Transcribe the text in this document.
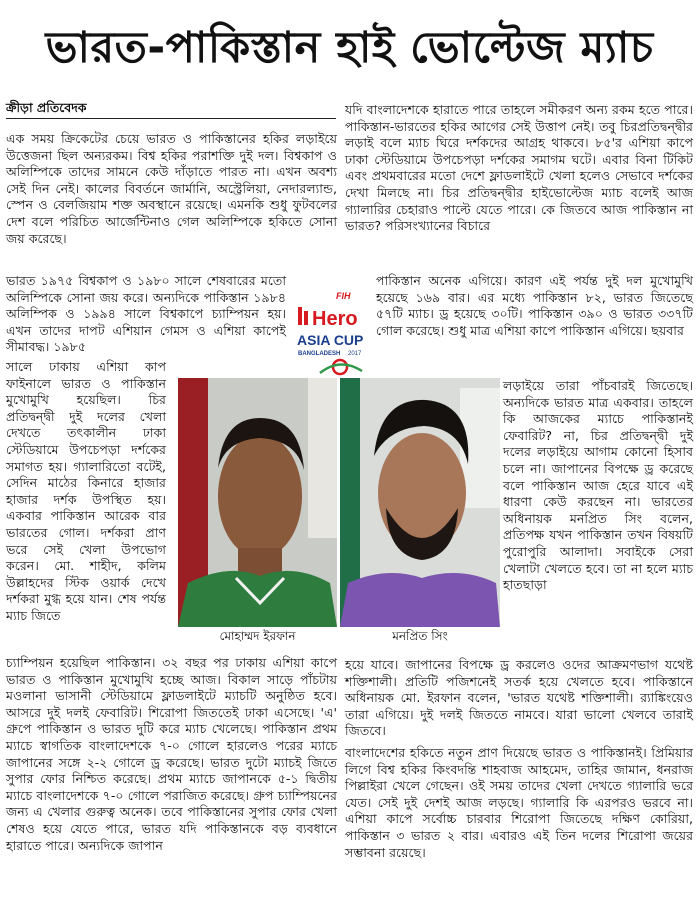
ভারত-পাকিস্তান হাই ভোল্টেজ ম্যাচ
ক্রীড়া প্রতিবেদক

এক সময় ক্রিকেটের চেয়ে ভারত ও পাকিস্তানের হকির লড়াইয়ে উত্তেজনা ছিল অন্যরকম। বিশ্ব হকির পরাশক্তি দুই দল। বিশ্বকাপ ও অলিম্পিকে তাদের সামনে কেউ দাঁড়াতে পারত না। এখন অবশ্য সেই দিন নেই। কালের বিবর্তনে জার্মানি, অস্ট্রেলিয়া, নেদারল্যান্ড, স্পেন ও বেলজিয়াম শক্ত অবস্থানে রয়েছে। এমনকি শুধু ফুটবলের দেশ বলে পরিচিত আর্জেন্টিনাও গেল অলিম্পিকে হকিতে সোনা জয় করেছে।

ভারত ১৯৭৫ বিশ্বকাপ ও ১৯৮০ সালে শেষবারের মতো অলিম্পিকে সোনা জয় করে। অন্যদিকে পাকিস্তান ১৯৮৪ অলিম্পিক ও ১৯৯৪ সালে বিশ্বকাপে চ্যাম্পিয়ন হয়। এখন তাদের দাপট এশিয়ান গেমস ও এশিয়া কাপেই সীমাবদ্ধ। ১৯৮৫

সালে ঢাকায় এশিয়া কাপ ফাইনালে ভারত ও পাকিস্তান মুখোমুখি হয়েছিল। চির প্রতিদ্বন্দ্বী দুই দলের খেলা দেখতে তৎকালীন ঢাকা স্টেডিয়ামে উপচেপড়া দর্শকের সমাগত হয়। গ্যালারিতো বটেই, সেদিন মাঠের কিনারে হাজার হাজার দর্শক উপস্থিত হয়। একবার পাকিস্তান আরেক বার ভারতের গোল। দর্শকরা প্রাণ ভরে সেই খেলা উপভোগ করেন। মো. শাহীদ, কলিম উল্লাহদের স্টিক ওয়ার্ক দেখে দর্শকরা মুগ্ধ হয়ে যান। শেষ পর্যন্ত ম্যাচ জিতে

চ্যাম্পিয়ন হয়েছিল পাকিস্তান। ৩২ বছর পর ঢাকায় এশিয়া কাপে ভারত ও পাকিস্তান মুখোমুখি হচ্ছে আজ। বিকাল সাড়ে পাঁচটায় মওলানা ভাসানী স্টেডিয়ামে ফ্লাডলাইটে ম্যাচটি অনুষ্ঠিত হবে। আসরে দুই দলই ফেবারিট। শিরোপা জিততেই ঢাকা এসেছে। 'এ' গ্রুপে পাকিস্তান ও ভারত দুটি করে ম্যাচ খেলেছে। পাকিস্তান প্রথম ম্যাচে স্বাগতিক বাংলাদেশকে ৭-০ গোলে হারলেও পরের ম্যাচে জাপানের সঙ্গে ২-২ গোলে ড্র করেছে। ভারত দুটো ম্যাচই জিতে সুপার ফোর নিশ্চিত করেছে। প্রথম ম্যাচে জাপানকে ৫-১ দ্বিতীয় ম্যাচে বাংলাদেশকে ৭-০ গোলে পরাজিত করেছে। গ্রুপ চ্যাম্পিয়নের জন্য এ খেলার গুরুত্ব অনেক। তবে পাকিস্তানের সুপার ফোর খেলা শেষও হয়ে যেতে পারে, ভারত যদি পাকিস্তানকে বড় ব্যবধানে হারাতে পারে। অন্যদিকে জাপান

যদি বাংলাদেশকে হারাতে পারে তাহলে সমীকরণ অন্য রকম হতে পারে। পাকিস্তান-ভারতের হকির আগের সেই উত্তাপ নেই। তবু চিরপ্রতিদ্বন্দ্বীর লড়াই বলে ম্যাচ ঘিরে দর্শকদের আগ্রহ থাকবে। ৮৫'র এশিয়া কাপে ঢাকা স্টেডিয়ামে উপচেপড়া দর্শকের সমাগম ঘটে। এবার বিনা টিকিট এবং প্রথমবারের মতো দেশে ফ্লাডলাইটে খেলা হলেও সেভাবে দর্শকের দেখা মিলছে না। চির প্রতিদ্বন্দ্বীর হাইভোল্টেজ ম্যাচ বলেই আজ গ্যালারির চেহারাও পাল্টে যেতে পারে। কে জিতবে আজ পাকিস্তান না ভারত? পরিসংখ্যানের বিচারে

পাকিস্তান অনেক এগিয়ে। কারণ এই পর্যন্ত দুই দল মুখোমুখি হয়েছে ১৬৯ বার। এর মধ্যে পাকিস্তান ৮২, ভারত জিতেছে ৫৭টি ম্যাচ। ড্র হয়েছে ৩০টি। পাকিস্তান ৩৯০ ও ভারত ৩৩৭টি গোল করেছে। শুধু মাত্র এশিয়া কাপে পাকিস্তান এগিয়ে। ছয়বার

লড়াইয়ে তারা পাঁচবারই জিতেছে। অন্যদিকে ভারত মাত্র একবার। তাহলে কি আজকের ম্যাচে পাকিস্তানই ফেবারিট? না, চির প্রতিদ্বন্দ্বী দুই দলের লড়াইয়ে আগাম কোনো হিসাব চলে না। জাপানের বিপক্ষে ড্র করেছে বলে পাকিস্তান আজ হেরে যাবে এই ধারণা কেউ করছেন না। ভারতের অধিনায়ক মনপ্রিত সিং বলেন, প্রতিপক্ষ যখন পাকিস্তান তখন বিষয়টি পুরোপুরি আলাদা। সবাইকে সেরা খেলাটা খেলতে হবে। তা না হলে ম্যাচ হাতছাড়া

হয়ে যাবে। জাপানের বিপক্ষে ড্র করলেও ওদের আক্রমণভাগ যথেষ্ট শক্তিশালী। প্রতিটি পজিশনেই সতর্ক হয়ে খেলতে হবে। পাকিস্তানে অধিনায়ক মো. ইরফান বলেন, 'ভারত যথেষ্ট শক্তিশালী। র‌্যাঙ্কিংয়েও তারা এগিয়ে। দুই দলই জিততে নামবে। যারা ভালো খেলবে তারাই জিতবে।

বাংলাদেশের হকিতে নতুন প্রাণ দিয়েছে ভারত ও পাকিস্তানই। প্রিমিয়ার লিগে বিশ্ব হকির কিংবদন্তি শাহবাজ আহমেদ, তাহির জামান, ধনরাজ পিল্লাইরা খেলে গেছেন। ওই সময় তাদের খেলা দেখতে গ্যালারি ভরে যেত। সেই দুই দেশই আজ লড়ছে। গ্যালারি কি এরপরও ভরবে না। এশিয়া কাপে সর্বোচ্চ চারবার শিরোপা জিতেছে দক্ষিণ কোরিয়া, পাকিস্তান ৩ ভারত ২ বার। এবারও এই তিন দলের শিরোপা জয়ের সম্ভাবনা রয়েছে।

FIH
Hero
ASIA CUP
BANGLADESH 2017
মোহাম্মদ ইরফান	মনপ্রিত সিং
